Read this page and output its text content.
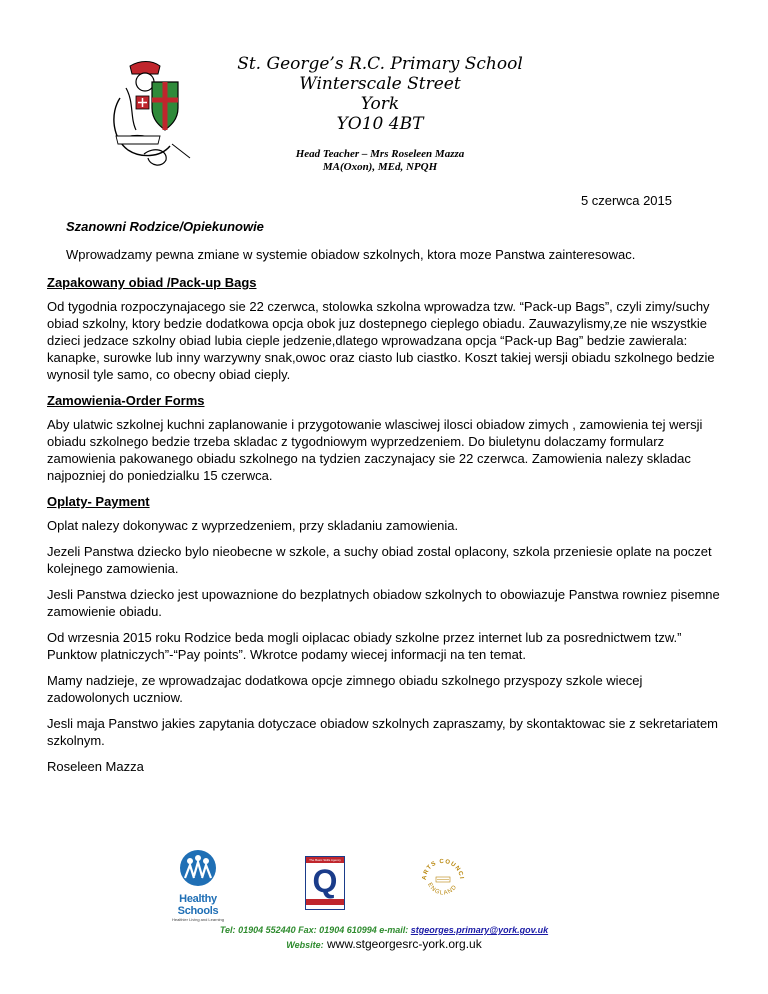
St. George’s R.C. Primary School
Winterscale Street
York
YO10 4BT
Head Teacher – Mrs Roseleen Mazza
MA(Oxon), MEd, NPQH
5 czerwca 2015
Szanowni Rodzice/Opiekunowie
Wprowadzamy pewna zmiane w systemie obiadow szkolnych, ktora moze Panstwa zainteresowac.
Zapakowany obiad /Pack-up Bags

Od tygodnia rozpoczynajacego sie 22 czerwca, stolowka szkolna wprowadza tzw. “Pack-up Bags”, czyli zimy/suchy obiad szkolny, ktory bedzie dodatkowa opcja obok juz dostepnego cieplego obiadu. Zauwazylismy,ze nie wszystkie dzieci jedzace szkolny obiad lubia cieple jedzenie,dlatego wprowadzana opcja “Pack-up Bag” bedzie zawierala: kanapke, surowke lub inny warzywny snak,owoc oraz ciasto lub ciastko. Koszt takiej wersji obiadu szkolnego bedzie wynosil tyle samo, co obecny obiad cieply.

Zamowienia-Order Forms

Aby ulatwic szkolnej kuchni zaplanowanie i przygotowanie wlasciwej ilosci obiadow zimych , zamowienia tej wersji obiadu szkolnego bedzie trzeba skladac z tygodniowym wyprzedzeniem. Do biuletynu dolaczamy formularz zamowienia pakowanego obiadu szkolnego na tydzien zaczynajacy sie 22 czerwca. Zamowienia nalezy skladac najpozniej do poniedzialku 15 czerwca.

Oplaty- Payment

Oplat nalezy dokonywac z wyprzedzeniem, przy skladaniu zamowienia.

Jezeli Panstwa dziecko bylo nieobecne w szkole, a suchy obiad zostal oplacony, szkola przeniesie oplate na poczet kolejnego zamowienia.

Jesli Panstwa dziecko jest upowaznione do bezplatnych obiadow szkolnych to obowiazuje Panstwa rowniez pisemne zamowienie obiadu.

Od wrzesnia 2015 roku Rodzice beda mogli oiplacac obiady szkolne przez internet lub za posrednictwem tzw.” Punktow platniczych”-“Pay points”. Wkrotce podamy wiecej informacji na ten temat.

Mamy nadzieje, ze wprowadzajac dodatkowa opcje zimnego obiadu szkolnego przyspozy szkole wiecej zadowolonych uczniow.

Jesli maja Panstwo jakies zapytania dotyczace obiadow szkolnych zapraszamy, by skontaktowac sie z sekretariatem szkolnym.

Roseleen Mazza

Healthy Schools
Healthier Living and Learning
The Basic Skills Agency
Q	ARTS COUNCI
ENGLAND
Tel: 01904 552440 Fax: 01904 610994 e-mail: stgeorges.primary@york.gov.uk
Website: www.stgeorgesrc-york.org.uk
